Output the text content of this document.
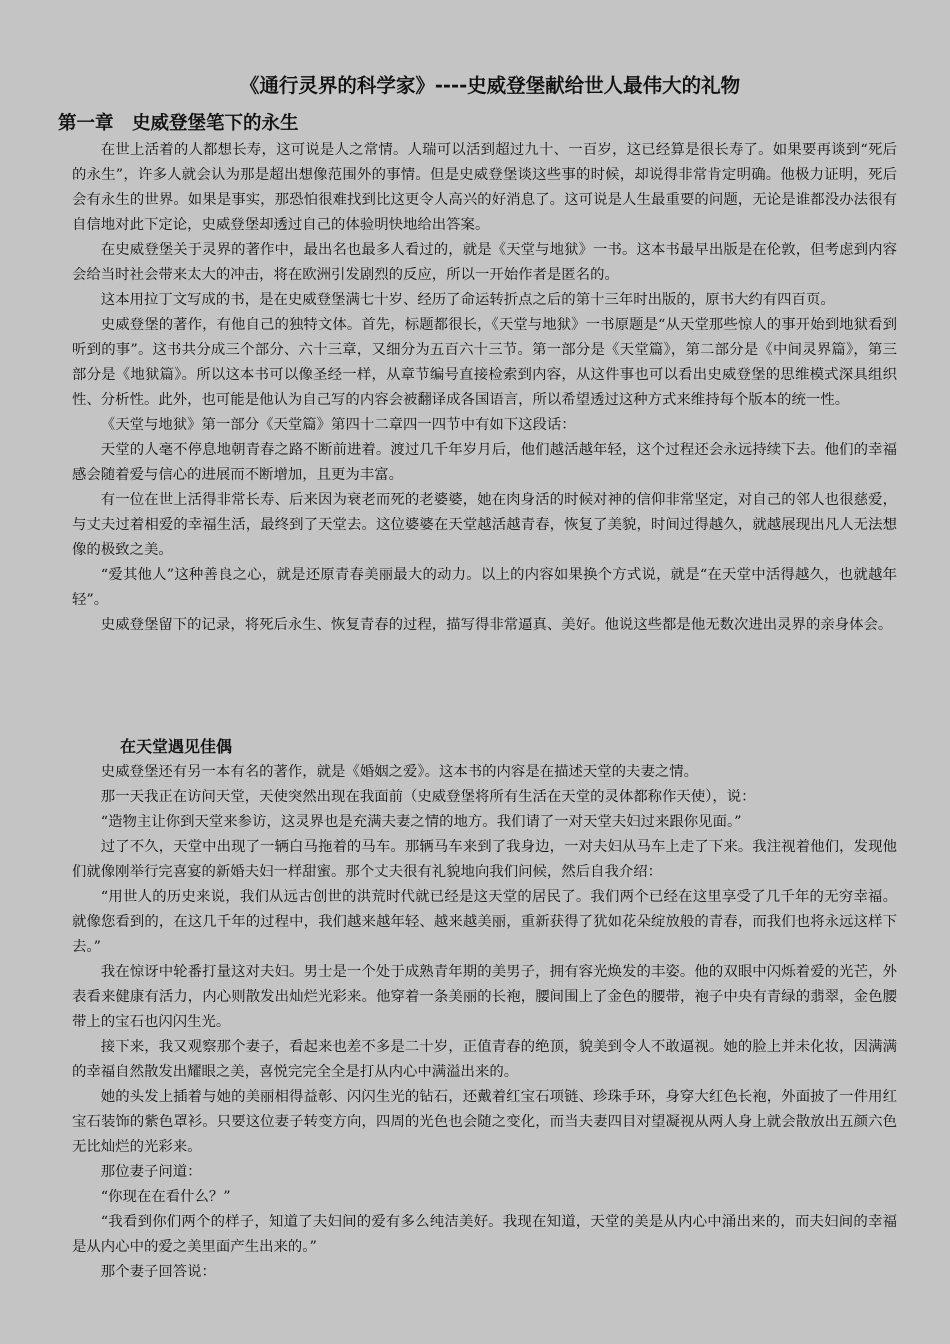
《通行灵界的科学家》----史威登堡献给世人最伟大的礼物
第一章　史威登堡笔下的永生

在世上活着的人都想长寿，这可说是人之常情。人瑞可以活到超过九十、一百岁，这已经算是很长寿了。如果要再谈到“死后的永生”，许多人就会认为那是超出想像范围外的事情。但是史威登堡谈这些事的时候，却说得非常肯定明确。他极力证明，死后会有永生的世界。如果是事实，那恐怕很难找到比这更令人高兴的好消息了。这可说是人生最重要的问题，无论是谁都没办法很有自信地对此下定论，史威登堡却透过自己的体验明快地给出答案。

在史威登堡关于灵界的著作中，最出名也最多人看过的，就是《天堂与地狱》一书。这本书最早出版是在伦敦，但考虑到内容会给当时社会带来太大的冲击，将在欧洲引发剧烈的反应，所以一开始作者是匿名的。

这本用拉丁文写成的书，是在史威登堡满七十岁、经历了命运转折点之后的第十三年时出版的，原书大约有四百页。

史威登堡的著作，有他自己的独特文体。首先，标题都很长，《天堂与地狱》一书原题是“从天堂那些惊人的事开始到地狱看到听到的事”。这书共分成三个部分、六十三章，又细分为五百六十三节。第一部分是《天堂篇》，第二部分是《中间灵界篇》，第三部分是《地狱篇》。所以这本书可以像圣经一样，从章节编号直接检索到内容，从这件事也可以看出史威登堡的思维模式深具组织性、分析性。此外，也可能是他认为自己写的内容会被翻译成各国语言，所以希望透过这种方式来维持每个版本的统一性。

《天堂与地狱》第一部分《天堂篇》第四十二章四一四节中有如下这段话：

天堂的人毫不停息地朝青春之路不断前进着。渡过几千年岁月后，他们越活越年轻，这个过程还会永远持续下去。他们的幸福感会随着爱与信心的进展而不断增加，且更为丰富。

有一位在世上活得非常长寿、后来因为衰老而死的老婆婆，她在肉身活的时候对神的信仰非常坚定，对自己的邻人也很慈爱，与丈夫过着相爱的幸福生活，最终到了天堂去。这位婆婆在天堂越活越青春，恢复了美貌，时间过得越久，就越展现出凡人无法想像的极致之美。

“爱其他人”这种善良之心，就是还原青春美丽最大的动力。以上的内容如果换个方式说，就是“在天堂中活得越久，也就越年轻”。

史威登堡留下的记录，将死后永生、恢复青春的过程，描写得非常逼真、美好。他说这些都是他无数次进出灵界的亲身体会。

在天堂遇见佳偶

史威登堡还有另一本有名的著作，就是《婚姻之爱》。这本书的内容是在描述天堂的夫妻之情。

那一天我正在访问天堂，天使突然出现在我面前（史威登堡将所有生活在天堂的灵体都称作天使），说：

“造物主让你到天堂来参访，这灵界也是充满夫妻之情的地方。我们请了一对天堂夫妇过来跟你见面。”

过了不久，天堂中出现了一辆白马拖着的马车。那辆马车来到了我身边，一对夫妇从马车上走了下来。我注视着他们，发现他们就像刚举行完喜宴的新婚夫妇一样甜蜜。那个丈夫很有礼貌地向我们问候，然后自我介绍：

“用世人的历史来说，我们从远古创世的洪荒时代就已经是这天堂的居民了。我们两个已经在这里享受了几千年的无穷幸福。就像您看到的，在这几千年的过程中，我们越来越年轻、越来越美丽，重新获得了犹如花朵绽放般的青春，而我们也将永远这样下去。”

我在惊讶中轮番打量这对夫妇。男士是一个处于成熟青年期的美男子，拥有容光焕发的丰姿。他的双眼中闪烁着爱的光芒，外表看来健康有活力，内心则散发出灿烂光彩来。他穿着一条美丽的长袍，腰间围上了金色的腰带，袍子中央有青绿的翡翠，金色腰带上的宝石也闪闪生光。

接下来，我又观察那个妻子，看起来也差不多是二十岁，正值青春的绝顶，貌美到令人不敢逼视。她的脸上并未化妆，因满满的幸福自然散发出耀眼之美，喜悦完完全全是打从内心中满溢出来的。

她的头发上插着与她的美丽相得益彰、闪闪生光的钻石，还戴着红宝石项链、珍珠手环，身穿大红色长袍，外面披了一件用红宝石装饰的紫色罩衫。只要这位妻子转变方向，四周的光色也会随之变化，而当夫妻四目对望凝视从两人身上就会散放出五颜六色无比灿烂的光彩来。

那位妻子问道：

“你现在在看什么？”

“我看到你们两个的样子，知道了夫妇间的爱有多么纯洁美好。我现在知道，天堂的美是从内心中涌出来的，而夫妇间的幸福是从内心中的爱之美里面产生出来的。”

那个妻子回答说：
